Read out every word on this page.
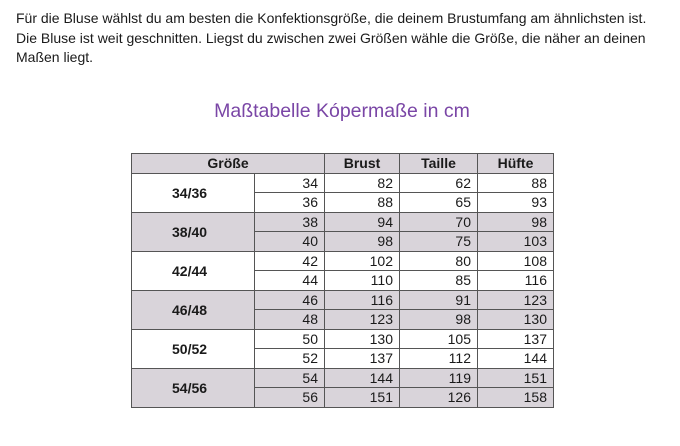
Für die Bluse wählst du am besten die Konfektionsgröße, die deinem Brustumfang am ähnlichsten ist. Die Bluse ist weit geschnitten. Liegst du zwischen zwei Größen wähle die Größe, die näher an deinen Maßen liegt.

Maßtabelle Kópermaße in cm
Größe		Brust	Taille	Hüfte
34/36	34	82	62	88
	36	88	65	93
38/40	38	94	70	98
	40	98	75	103
42/44	42	102	80	108
	44	110	85	116
46/48	46	116	91	123
	48	123	98	130
50/52	50	130	105	137
	52	137	112	144
54/56	54	144	119	151
	56	151	126	158
